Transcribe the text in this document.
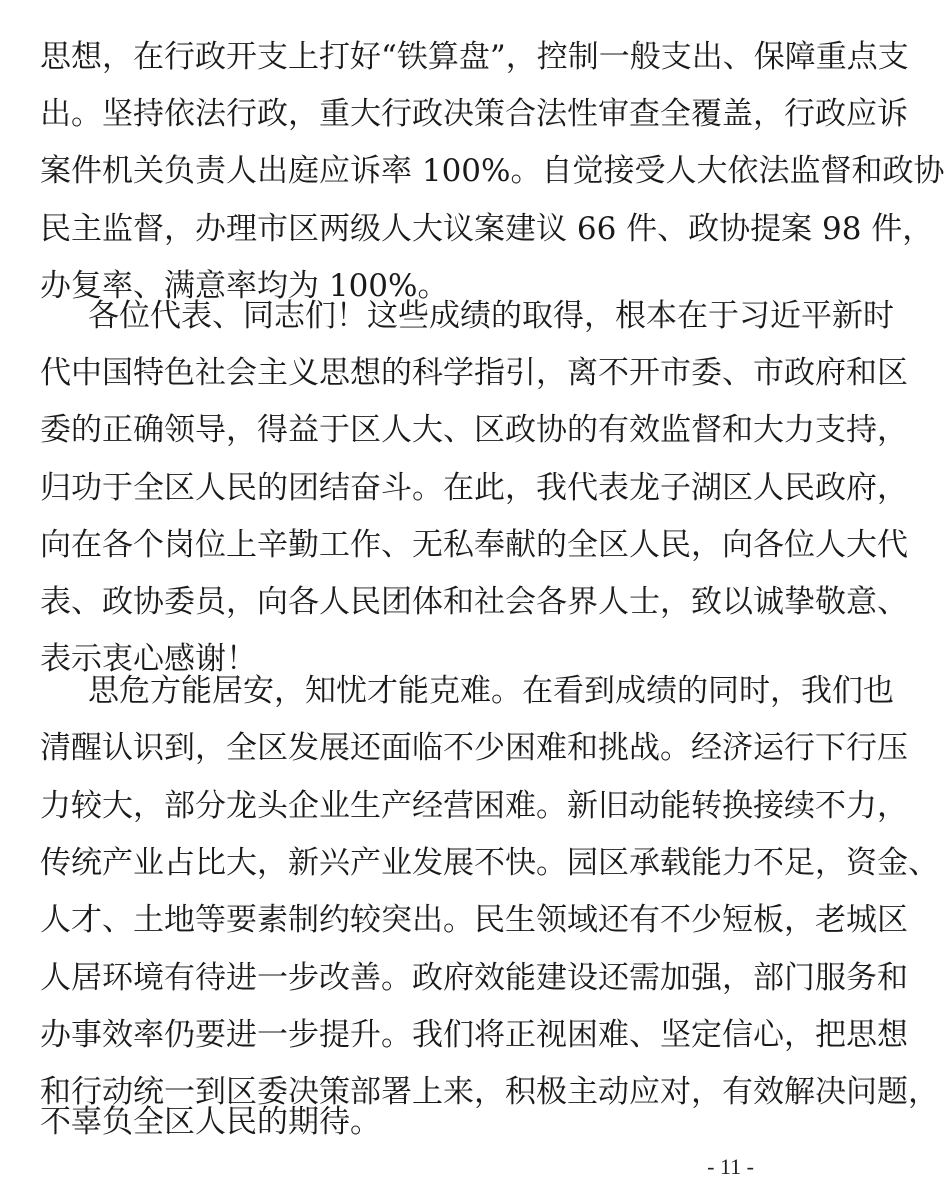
思想，在行政开支上打好“铁算盘”，控制一般支出、保障重点支
出。坚持依法行政，重大行政决策合法性审查全覆盖，行政应诉
案件机关负责人出庭应诉率 100%。自觉接受人大依法监督和政协
民主监督，办理市区两级人大议案建议 66 件、政协提案 98 件，
办复率、满意率均为 100%。
各位代表、同志们！这些成绩的取得，根本在于习近平新时
代中国特色社会主义思想的科学指引，离不开市委、市政府和区
委的正确领导，得益于区人大、区政协的有效监督和大力支持，
归功于全区人民的团结奋斗。在此，我代表龙子湖区人民政府，
向在各个岗位上辛勤工作、无私奉献的全区人民，向各位人大代
表、政协委员，向各人民团体和社会各界人士，致以诚挚敬意、
表示衷心感谢！
思危方能居安，知忧才能克难。在看到成绩的同时，我们也
清醒认识到，全区发展还面临不少困难和挑战。经济运行下行压
力较大，部分龙头企业生产经营困难。新旧动能转换接续不力，
传统产业占比大，新兴产业发展不快。园区承载能力不足，资金、
人才、土地等要素制约较突出。民生领域还有不少短板，老城区
人居环境有待进一步改善。政府效能建设还需加强，部门服务和
办事效率仍要进一步提升。我们将正视困难、坚定信心，把思想
和行动统一到区委决策部署上来，积极主动应对，有效解决问题，
不辜负全区人民的期待。
- 11 -
